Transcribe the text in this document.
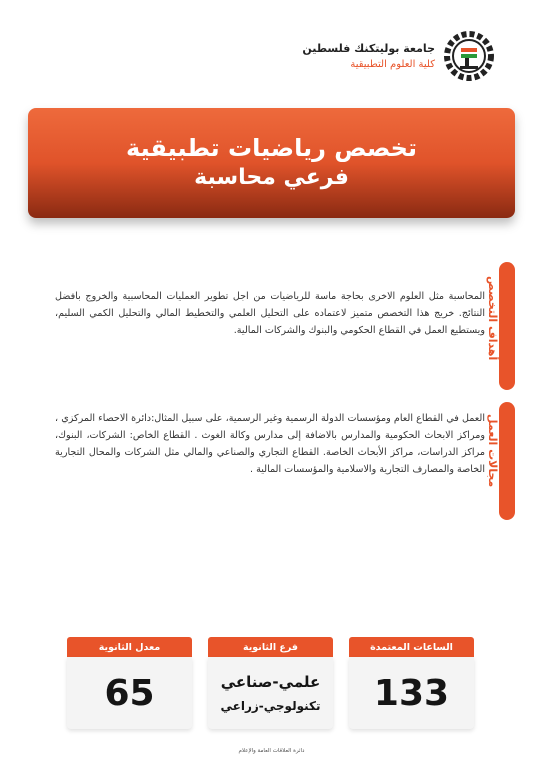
جامعة بوليتكنك فلسطين
كلية العلوم التطبيقية
تخصص رياضيات تطبيقية
فرعي محاسبة
أهداف التخصص
المحاسبة مثل العلوم الاخرى بحاجة ماسة للرياضيات من اجل تطوير العمليات المحاسبية والخروج بافضل النتائج. خريج هذا التخصص متميز لاعتماده على التحليل العلمي والتخطيط المالي والتحليل الكمي السليم، ويستطيع العمل في القطاع الحكومي والبنوك والشركات المالية.
مجالات العمل
العمل في القطاع العام ومؤسسات الدولة الرسمية وغير الرسمية، على سبيل المثال:دائرة الاحصاء المركزي ، ومراكز الابحاث الحكومية والمدارس بالاضافة إلى مدارس وكالة الغوث . القطاع الخاص: الشركات، البنوك، مراكز الدراسات، مراكز الأبحاث الخاصة. القطاع التجاري والصناعي والمالي مثل الشركات والمحال التجارية الخاصة والمصارف التجارية والاسلامية والمؤسسات المالية .
الساعات المعتمدة
133
فرع الثانوية
علمي-صناعي
تكنولوجي-زراعي
معدل الثانوية
65
دائرة العلاقات العامة والإعلام
